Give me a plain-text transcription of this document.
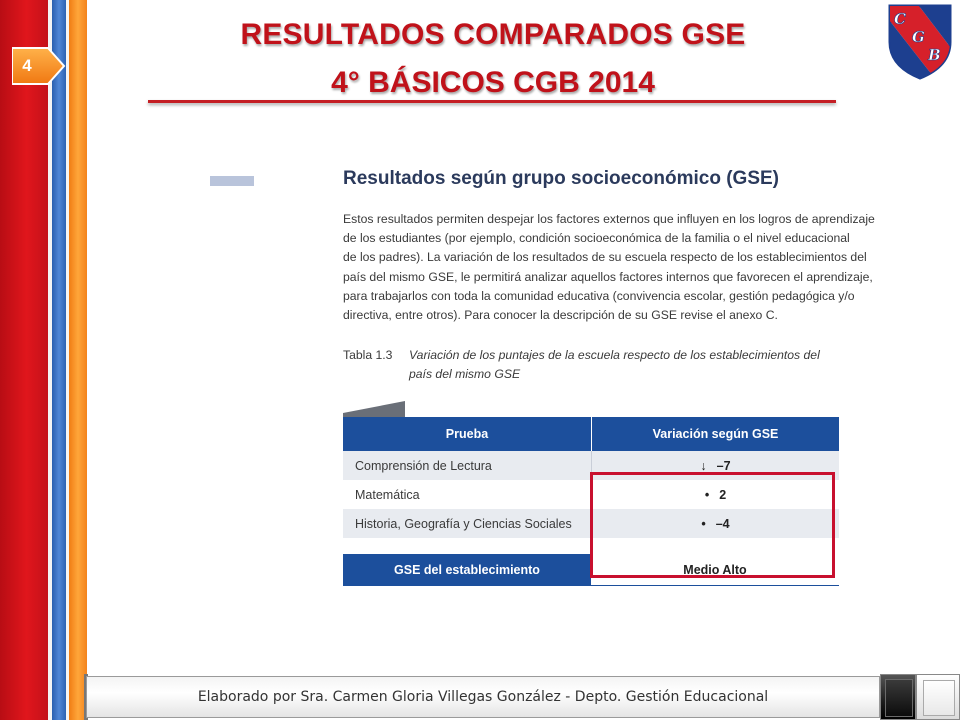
4
RESULTADOS COMPARADOS GSE
4° BÁSICOS CGB 2014
C
G
B
Resultados según grupo socioeconómico (GSE)
Estos resultados permiten despejar los factores externos que influyen en los logros de aprendizaje
de los estudiantes (por ejemplo, condición socioeconómica de la familia o el nivel educacional
de los padres). La variación de los resultados de su escuela respecto de los establecimientos del
país del mismo GSE, le permitirá analizar aquellos factores internos que favorecen el aprendizaje,
para trabajarlos con toda la comunidad educativa (convivencia escolar, gestión pedagógica y/o
directiva, entre otros). Para conocer la descripción de su GSE revise el anexo C.
Tabla 1.3 Variación de los puntajes de la escuela respecto de los establecimientos del país del mismo GSE
Prueba	Variación según GSE
Comprensión de Lectura	↓ –7
Matemática	• 2
Historia, Geografía y Ciencias Sociales	• –4
GSE del establecimiento	Medio Alto
Elaborado por Sra. Carmen Gloria Villegas González - Depto. Gestión Educacional
